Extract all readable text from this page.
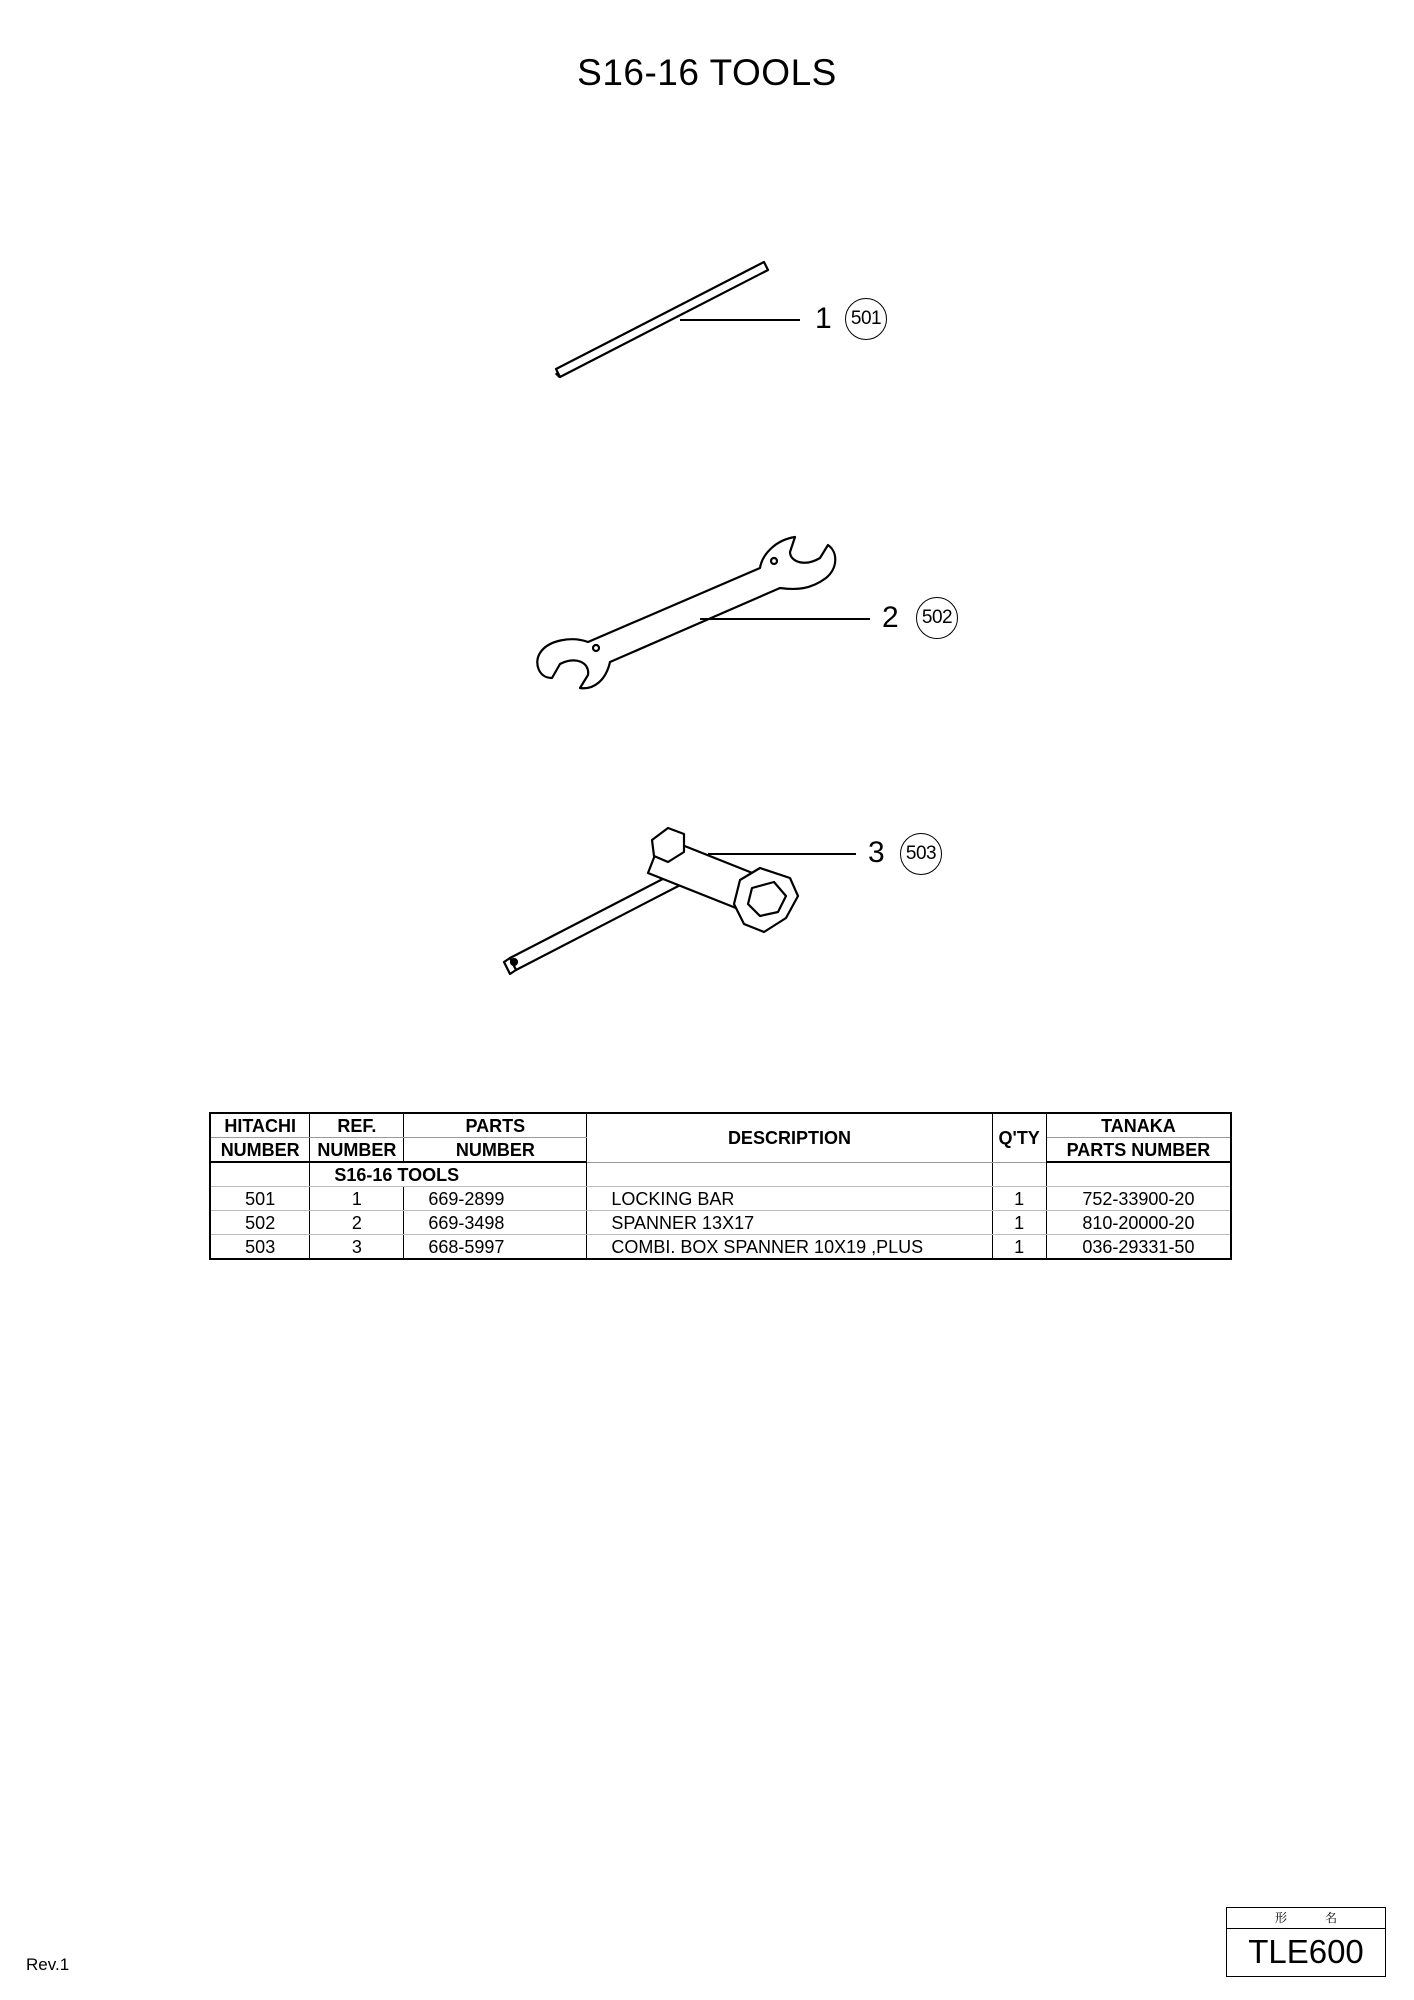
S16-16 TOOLS
1	501
2	502
3	503
HITACHI	REF.	PARTS	DESCRIPTION	Q'TY	TANAKA
NUMBER	NUMBER	NUMBER			PARTS NUMBER
	S16-16 TOOLS				
501	1	669-2899	LOCKING BAR	1	752-33900-20
502	2	669-3498	SPANNER 13X17	1	810-20000-20
503	3	668-5997	COMBI. BOX SPANNER 10X19 ,PLUS	1	036-29331-50
Rev.1
形名
TLE600
